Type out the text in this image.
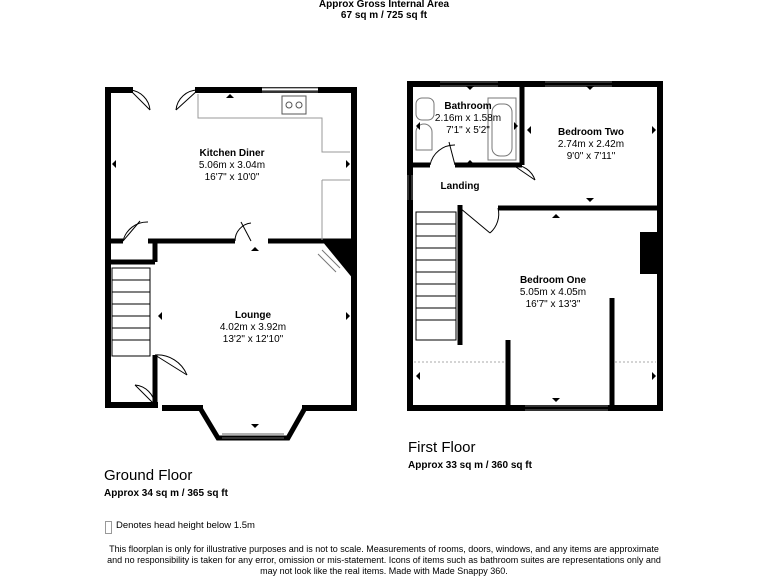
Approx Gross Internal Area
67 sq m / 725 sq ft
Kitchen Diner
5.06m x 3.04m
16'7" x 10'0"
Lounge
4.02m x 3.92m
13'2" x 12'10"
Bathroom
2.16m x 1.58m
7'1" x 5'2"	Bedroom Two
2.74m x 2.42m
9'0" x 7'11"
Landing
Bedroom One
5.05m x 4.05m
16'7" x 13'3"
First Floor
Approx 33 sq m / 360 sq ft
Ground Floor
Approx 34 sq m / 365 sq ft
Denotes head height below 1.5m
This floorplan is only for illustrative purposes and is not to scale. Measurements of rooms, doors, windows, and any items are approximate
and no responsibility is taken for any error, omission or mis-statement. Icons of items such as bathroom suites are representations only and
may not look like the real items. Made with Made Snappy 360.
